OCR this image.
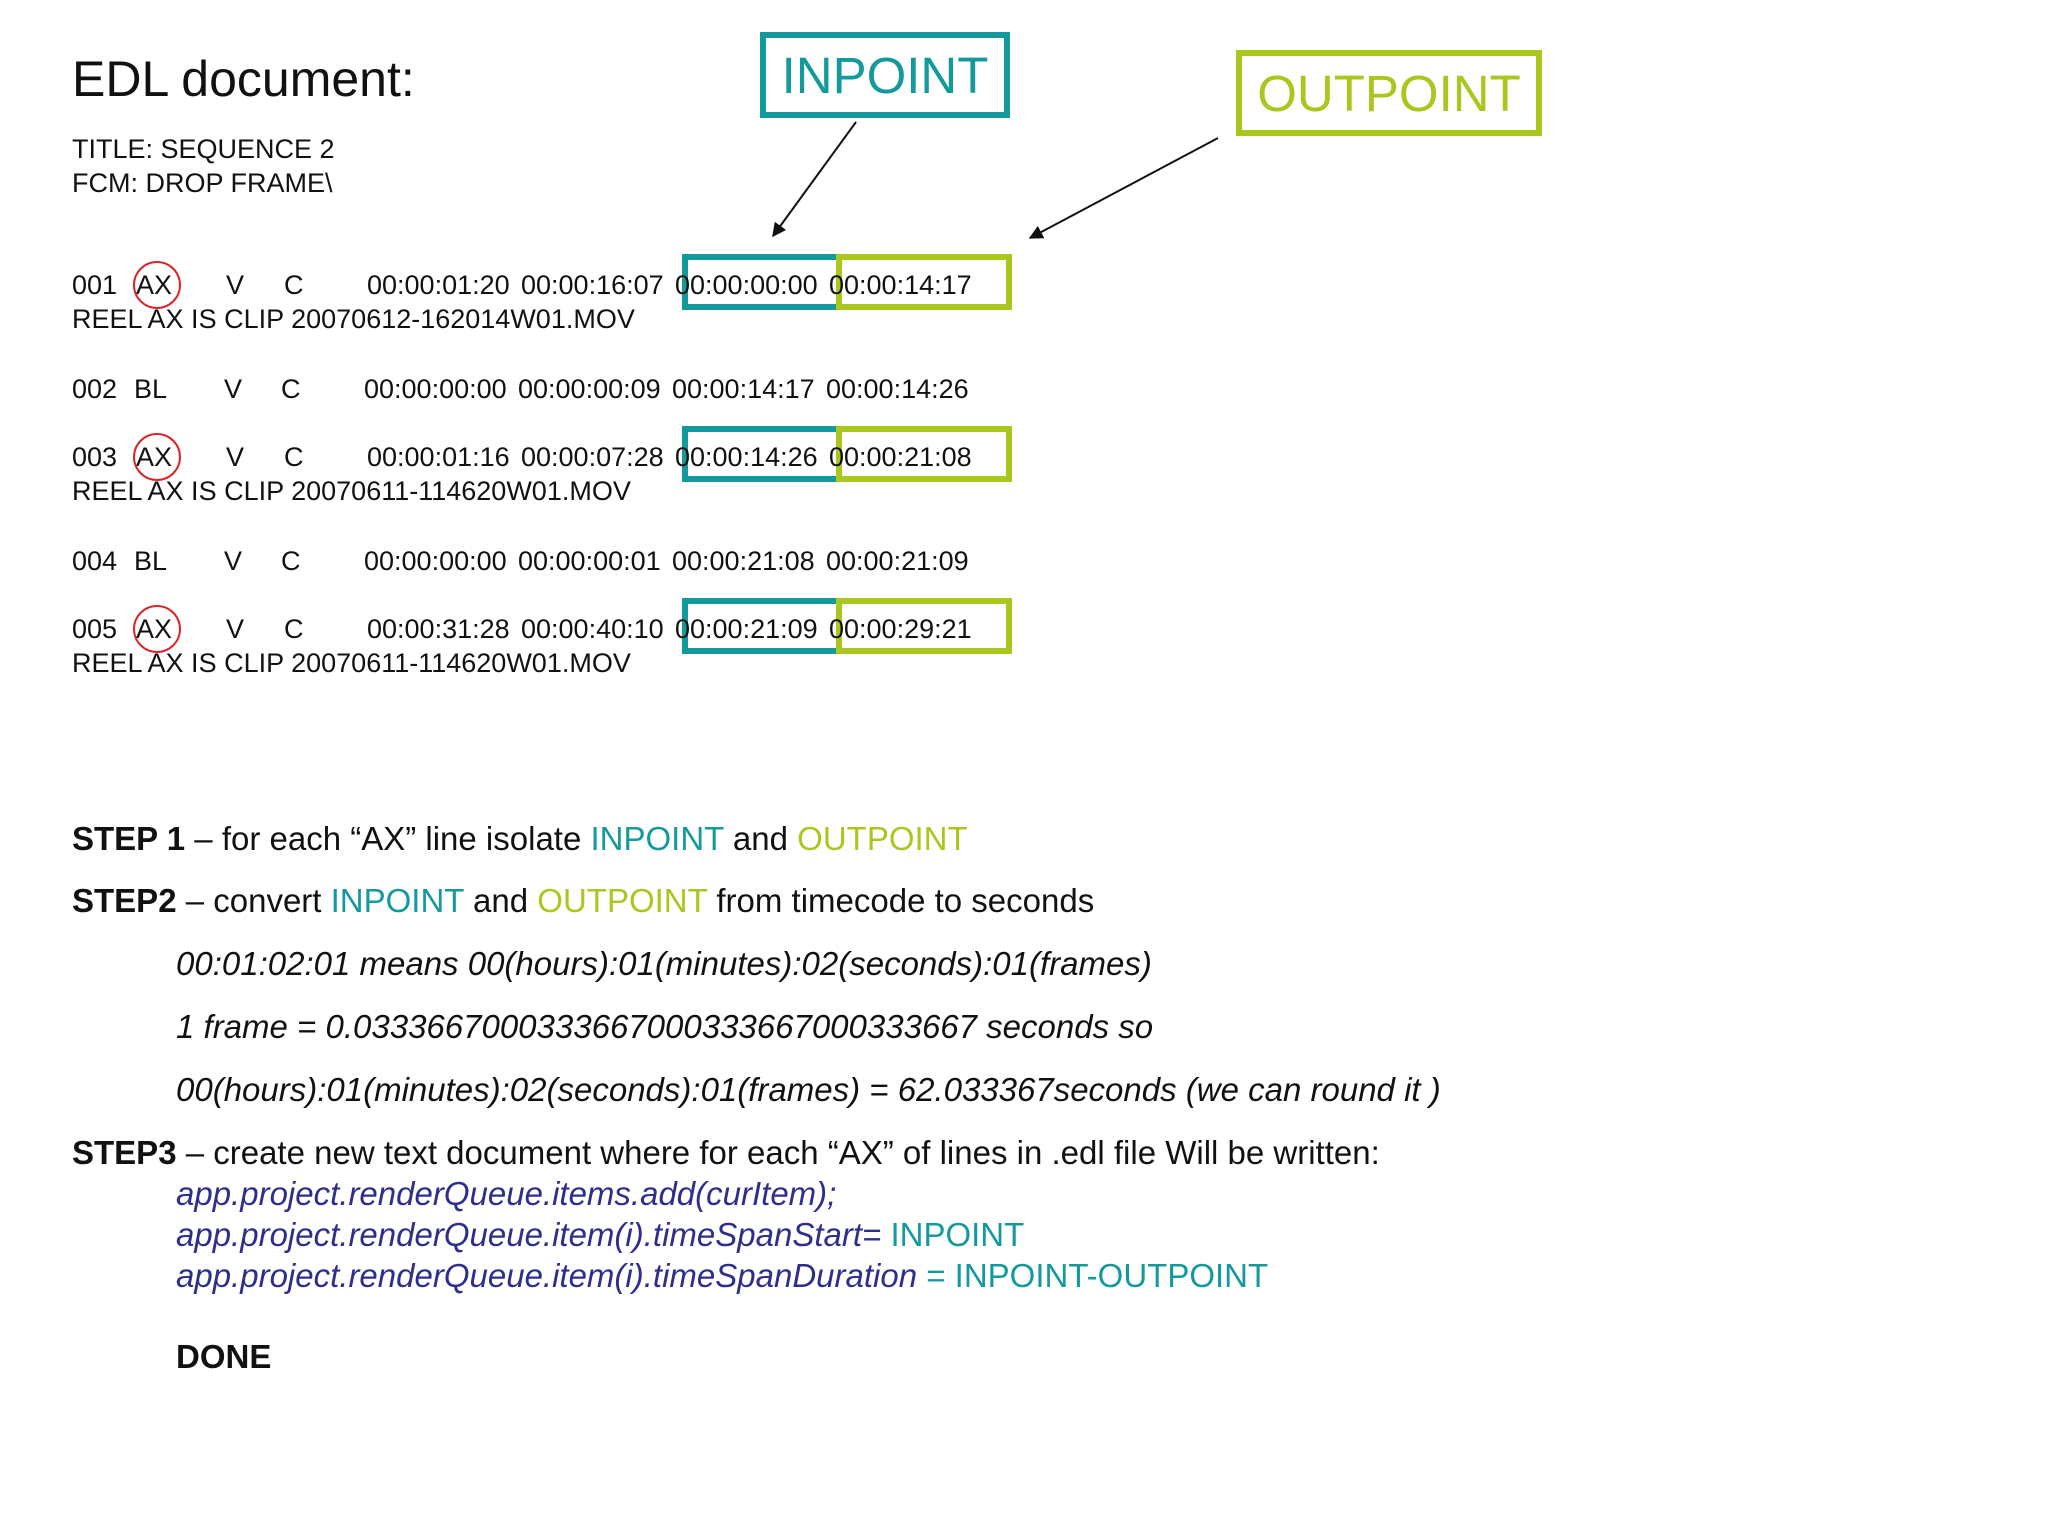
EDL document:
TITLE: SEQUENCE 2
FCM: DROP FRAME\
INPOINT	OUTPOINT
001 AX V C 00:00:01:20 00:00:16:07 00:00:00:00 00:00:14:17
REEL AX IS CLIP 20070612-162014W01.MOV
002 BL V C 00:00:00:00 00:00:00:09 00:00:14:17 00:00:14:26
003 AX V C 00:00:01:16 00:00:07:28 00:00:14:26 00:00:21:08
REEL AX IS CLIP 20070611-114620W01.MOV
004 BL V C 00:00:00:00 00:00:00:01 00:00:21:08 00:00:21:09
005 AX V C 00:00:31:28 00:00:40:10 00:00:21:09 00:00:29:21
REEL AX IS CLIP 20070611-114620W01.MOV
STEP 1 – for each “AX” line isolate INPOINT and OUTPOINT
STEP2 – convert INPOINT and OUTPOINT from timecode to seconds
00:01:02:01 means 00(hours):01(minutes):02(seconds):01(frames)
1 frame = 0.0333667000333667000333667000333667 seconds so
00(hours):01(minutes):02(seconds):01(frames) = 62.033367seconds (we can round it )
STEP3 – create new text document where for each “AX” of lines in .edl file Will be written:
app.project.renderQueue.items.add(curItem);
app.project.renderQueue.item(i).timeSpanStart= INPOINT
app.project.renderQueue.item(i).timeSpanDuration = INPOINT-OUTPOINT
DONE
